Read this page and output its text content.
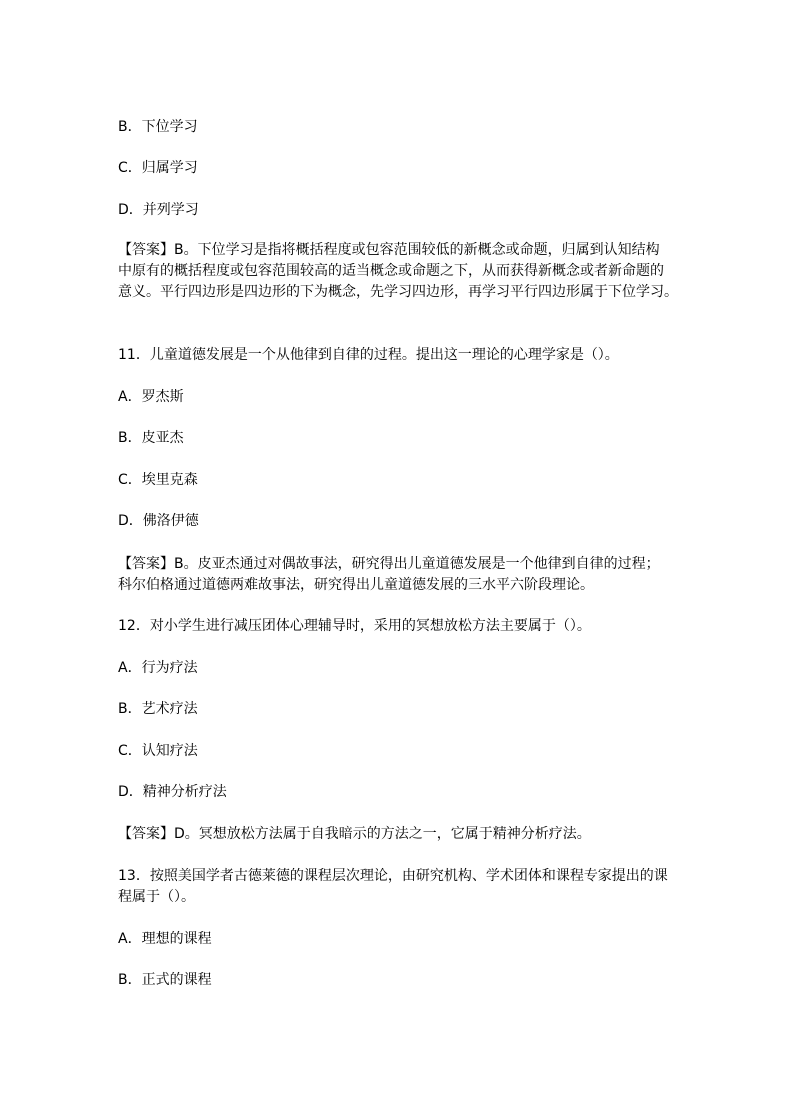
B．下位学习
C．归属学习
D．并列学习
【答案】B。下位学习是指将概括程度或包容范围较低的新概念或命题，归属到认知结构
中原有的概括程度或包容范围较高的适当概念或命题之下，从而获得新概念或者新命题的
意义。平行四边形是四边形的下为概念，先学习四边形，再学习平行四边形属于下位学习。
11．儿童道德发展是一个从他律到自律的过程。提出这一理论的心理学家是（）。
A．罗杰斯
B．皮亚杰
C．埃里克森
D．佛洛伊德
【答案】B。皮亚杰通过对偶故事法，研究得出儿童道德发展是一个他律到自律的过程；
科尔伯格通过道德两难故事法，研究得出儿童道德发展的三水平六阶段理论。
12．对小学生进行减压团体心理辅导时，采用的冥想放松方法主要属于（）。
A．行为疗法
B．艺术疗法
C．认知疗法
D．精神分析疗法
【答案】D。冥想放松方法属于自我暗示的方法之一，它属于精神分析疗法。
13．按照美国学者古德莱德的课程层次理论，由研究机构、学术团体和课程专家提出的课
程属于（）。
A．理想的课程
B．正式的课程
